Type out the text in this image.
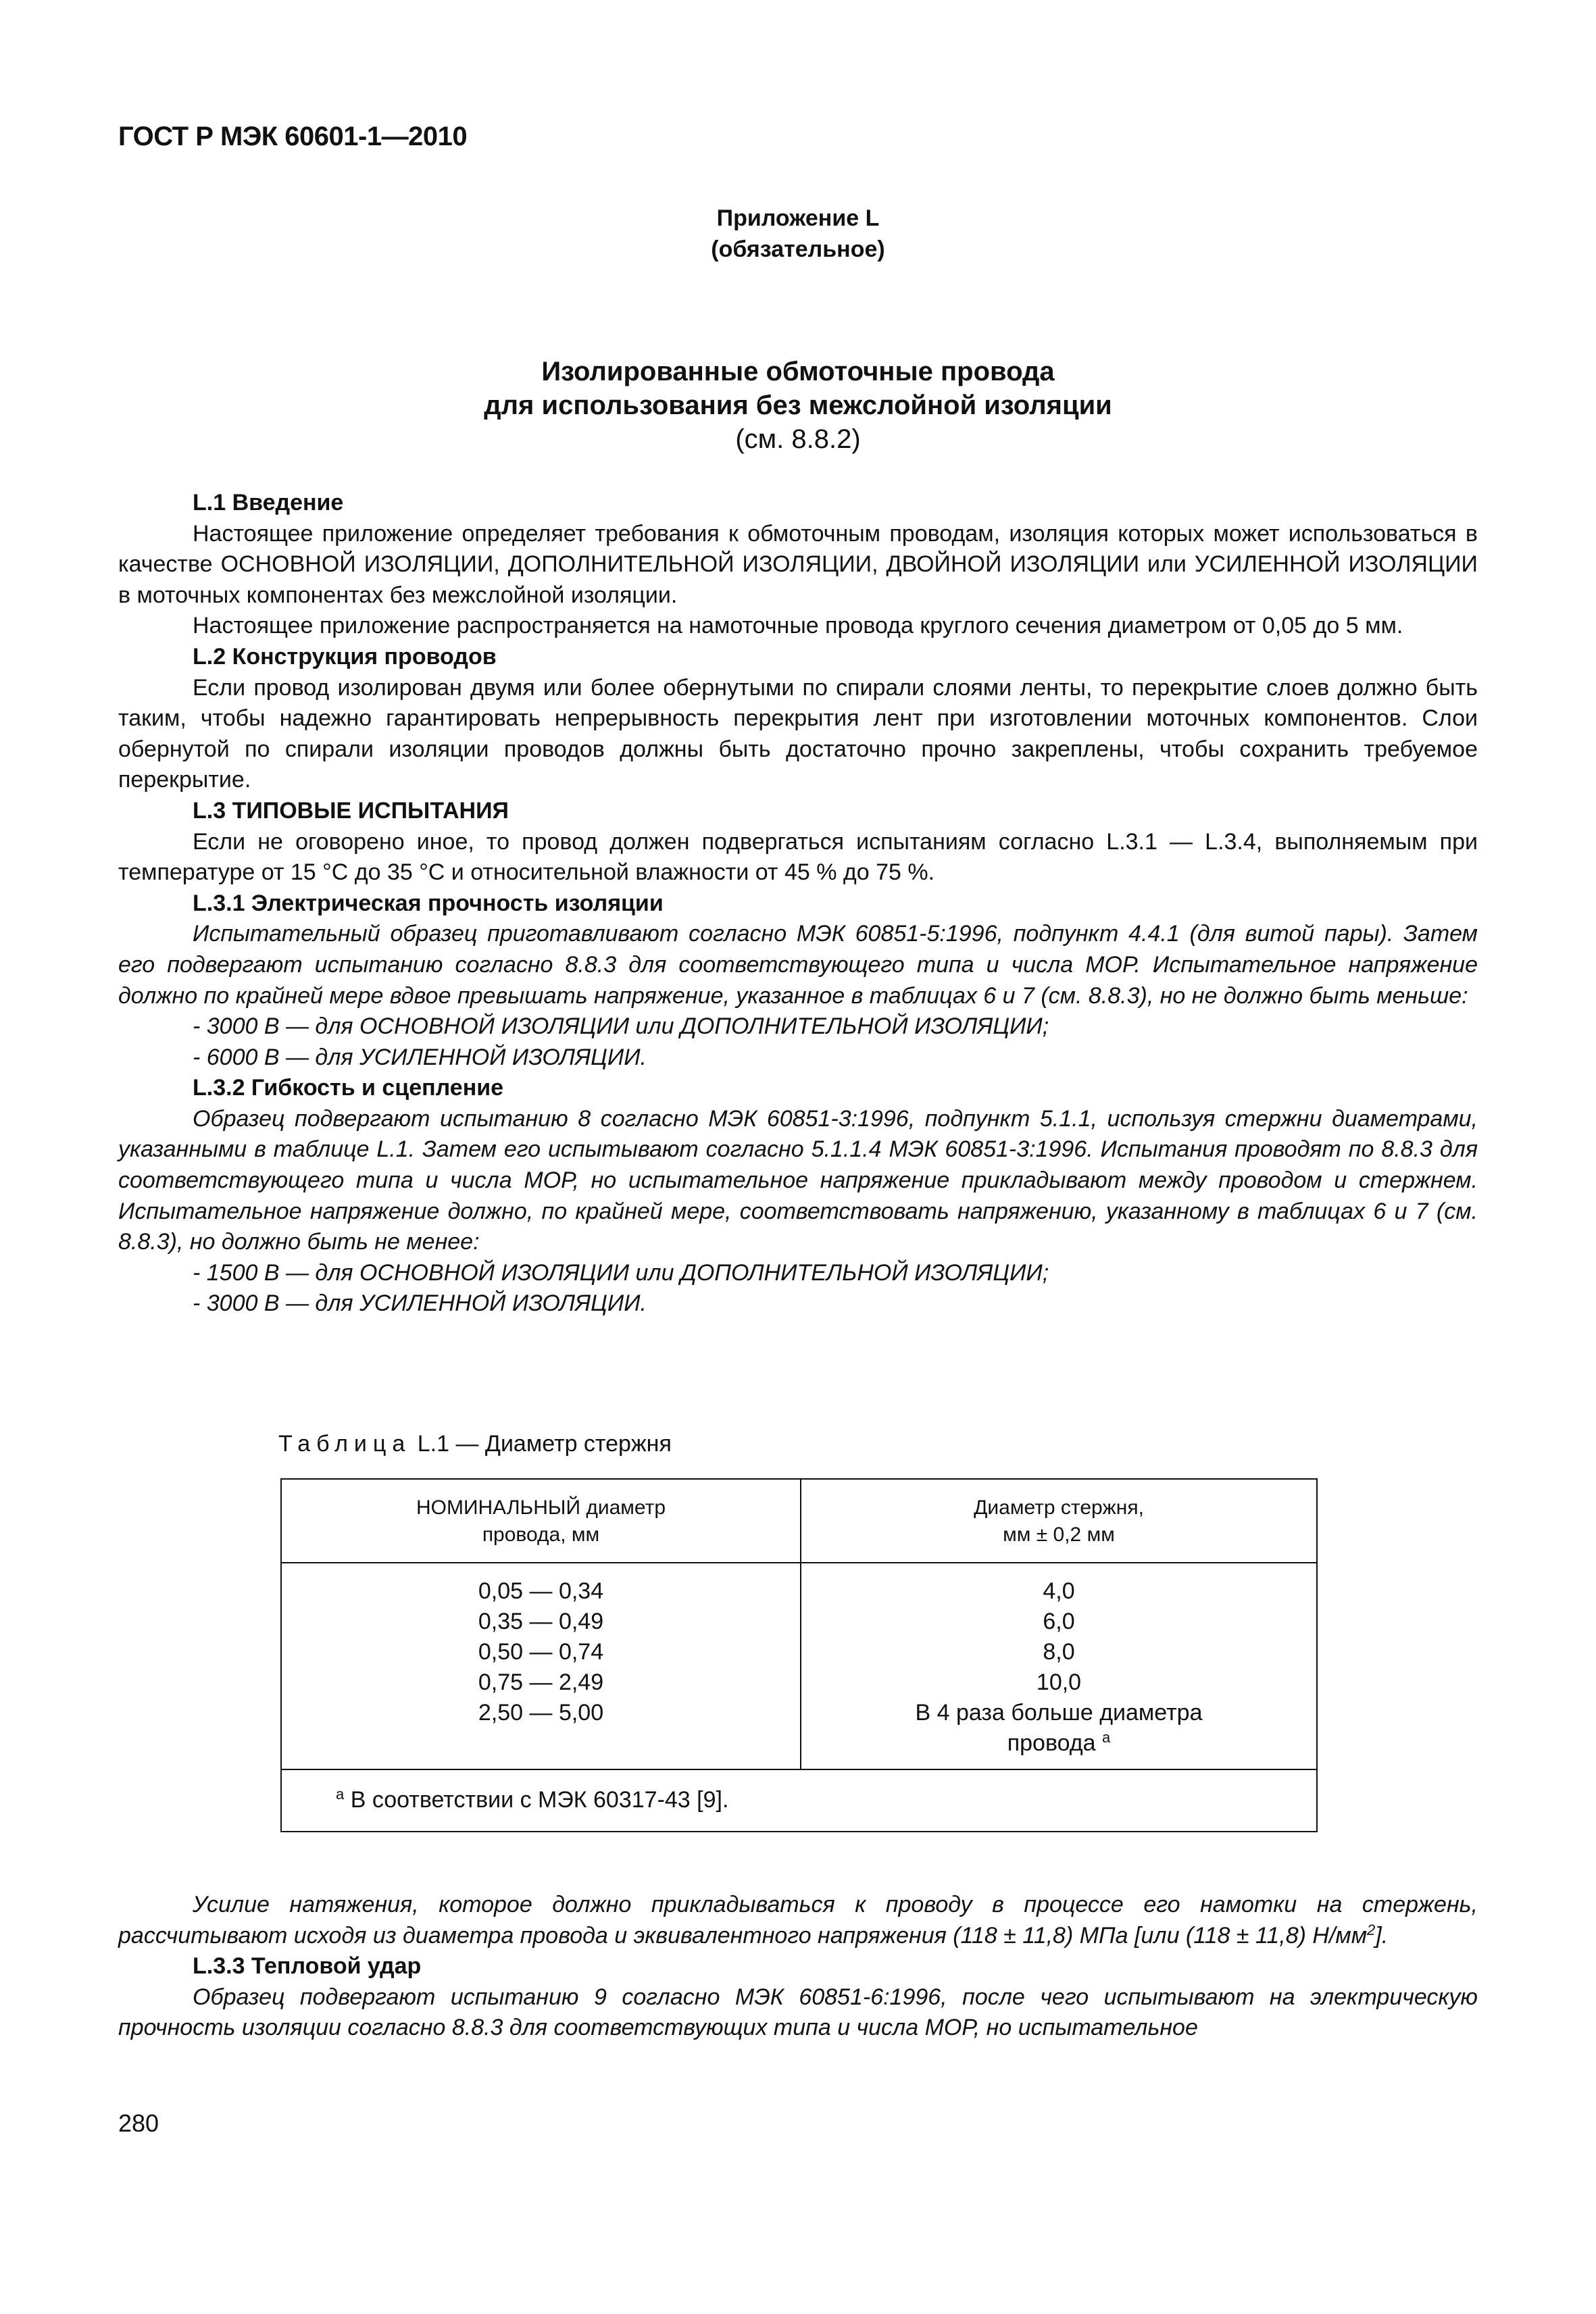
ГОСТ Р МЭК 60601-1—2010
Приложение L
(обязательное)
Изолированные обмоточные провода
для использования без межслойной изоляции
(см. 8.8.2)

L.1 Введение

Настоящее приложение определяет требования к обмоточным проводам, изоляция которых может использоваться в качестве ОСНОВНОЙ ИЗОЛЯЦИИ, ДОПОЛНИТЕЛЬНОЙ ИЗОЛЯЦИИ, ДВОЙНОЙ ИЗОЛЯЦИИ или УСИЛЕННОЙ ИЗОЛЯЦИИ в моточных компонентах без межслойной изоляции.

Настоящее приложение распространяется на намоточные провода круглого сечения диаметром от 0,05 до 5 мм.

L.2 Конструкция проводов

Если провод изолирован двумя или более обернутыми по спирали слоями ленты, то перекрытие слоев должно быть таким, чтобы надежно гарантировать непрерывность перекрытия лент при изготовлении моточных компонентов. Слои обернутой по спирали изоляции проводов должны быть достаточно прочно закреплены, чтобы сохранить требуемое перекрытие.

L.3 ТИПОВЫЕ ИСПЫТАНИЯ

Если не оговорено иное, то провод должен подвергаться испытаниям согласно L.3.1 — L.3.4, выполняемым при температуре от 15 °C до 35 °C и относительной влажности от 45 % до 75 %.

L.3.1 Электрическая прочность изоляции

Испытательный образец приготавливают согласно МЭК 60851-5:1996, подпункт 4.4.1 (для витой пары). Затем его подвергают испытанию согласно 8.8.3 для соответствующего типа и числа МОР. Испытательное напряжение должно по крайней мере вдвое превышать напряжение, указанное в таблицах 6 и 7 (см. 8.8.3), но не должно быть меньше:

- 3000 В — для ОСНОВНОЙ ИЗОЛЯЦИИ или ДОПОЛНИТЕЛЬНОЙ ИЗОЛЯЦИИ;

- 6000 В — для УСИЛЕННОЙ ИЗОЛЯЦИИ.

L.3.2 Гибкость и сцепление

Образец подвергают испытанию 8 согласно МЭК 60851-3:1996, подпункт 5.1.1, используя стержни диаметрами, указанными в таблице L.1. Затем его испытывают согласно 5.1.1.4 МЭК 60851-3:1996. Испытания проводят по 8.8.3 для соответствующего типа и числа МОР, но испытательное напряжение прикладывают между проводом и стержнем. Испытательное напряжение должно, по крайней мере, соответствовать напряжению, указанному в таблицах 6 и 7 (см. 8.8.3), но должно быть не менее:

- 1500 В — для ОСНОВНОЙ ИЗОЛЯЦИИ или ДОПОЛНИТЕЛЬНОЙ ИЗОЛЯЦИИ;

- 3000 В — для УСИЛЕННОЙ ИЗОЛЯЦИИ.

Таблица L.1 — Диаметр стержня
НОМИНАЛЬНЫЙ диаметр
провода, мм
Диаметр стержня,
мм ± 0,2 мм
0,05 — 0,34
0,35 — 0,49
0,50 — 0,74
0,75 — 2,49
2,50 — 5,00
4,0
6,0
8,0
10,0
В 4 раза больше диаметра
провода $^a$
$^a$ В соответствии с МЭК 60317-43 [9].

Усилие натяжения, которое должно прикладываться к проводу в процессе его намотки на стержень, рассчитывают исходя из диаметра провода и эквивалентного напряжения (118 ± 11,8) МПа [или (118 ± 11,8) $Н/мм^2$].

L.3.3 Тепловой удар

Образец подвергают испытанию 9 согласно МЭК 60851-6:1996, после чего испытывают на электрическую прочность изоляции согласно 8.8.3 для соответствующих типа и числа МОР, но испытательное

280
